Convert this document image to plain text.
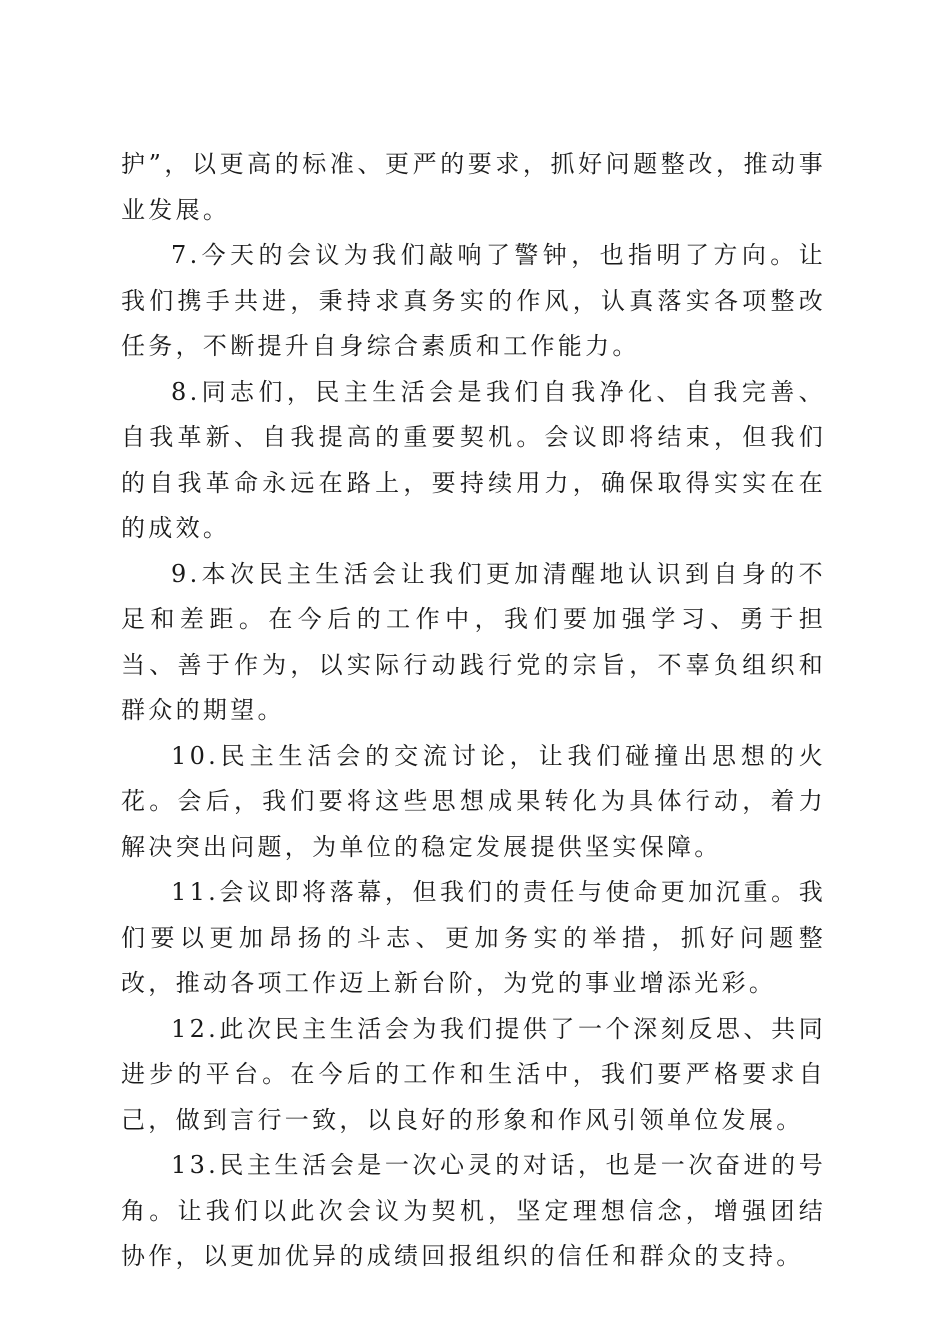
护”，以更高的标准、更严的要求，抓好问题整改，推动事业发展。

7.今天的会议为我们敲响了警钟，也指明了方向。让我们携手共进，秉持求真务实的作风，认真落实各项整改任务，不断提升自身综合素质和工作能力。

8.同志们，民主生活会是我们自我净化、自我完善、自我革新、自我提高的重要契机。会议即将结束，但我们的自我革命永远在路上，要持续用力，确保取得实实在在的成效。

9.本次民主生活会让我们更加清醒地认识到自身的不足和差距。在今后的工作中，我们要加强学习、勇于担当、善于作为，以实际行动践行党的宗旨，不辜负组织和群众的期望。

10.民主生活会的交流讨论，让我们碰撞出思想的火花。会后，我们要将这些思想成果转化为具体行动，着力解决突出问题，为单位的稳定发展提供坚实保障。

11.会议即将落幕，但我们的责任与使命更加沉重。我们要以更加昂扬的斗志、更加务实的举措，抓好问题整改，推动各项工作迈上新台阶，为党的事业增添光彩。

12.此次民主生活会为我们提供了一个深刻反思、共同进步的平台。在今后的工作和生活中，我们要严格要求自己，做到言行一致，以良好的形象和作风引领单位发展。

13.民主生活会是一次心灵的对话，也是一次奋进的号角。让我们以此次会议为契机，坚定理想信念，增强团结协作，以更加优异的成绩回报组织的信任和群众的支持。
